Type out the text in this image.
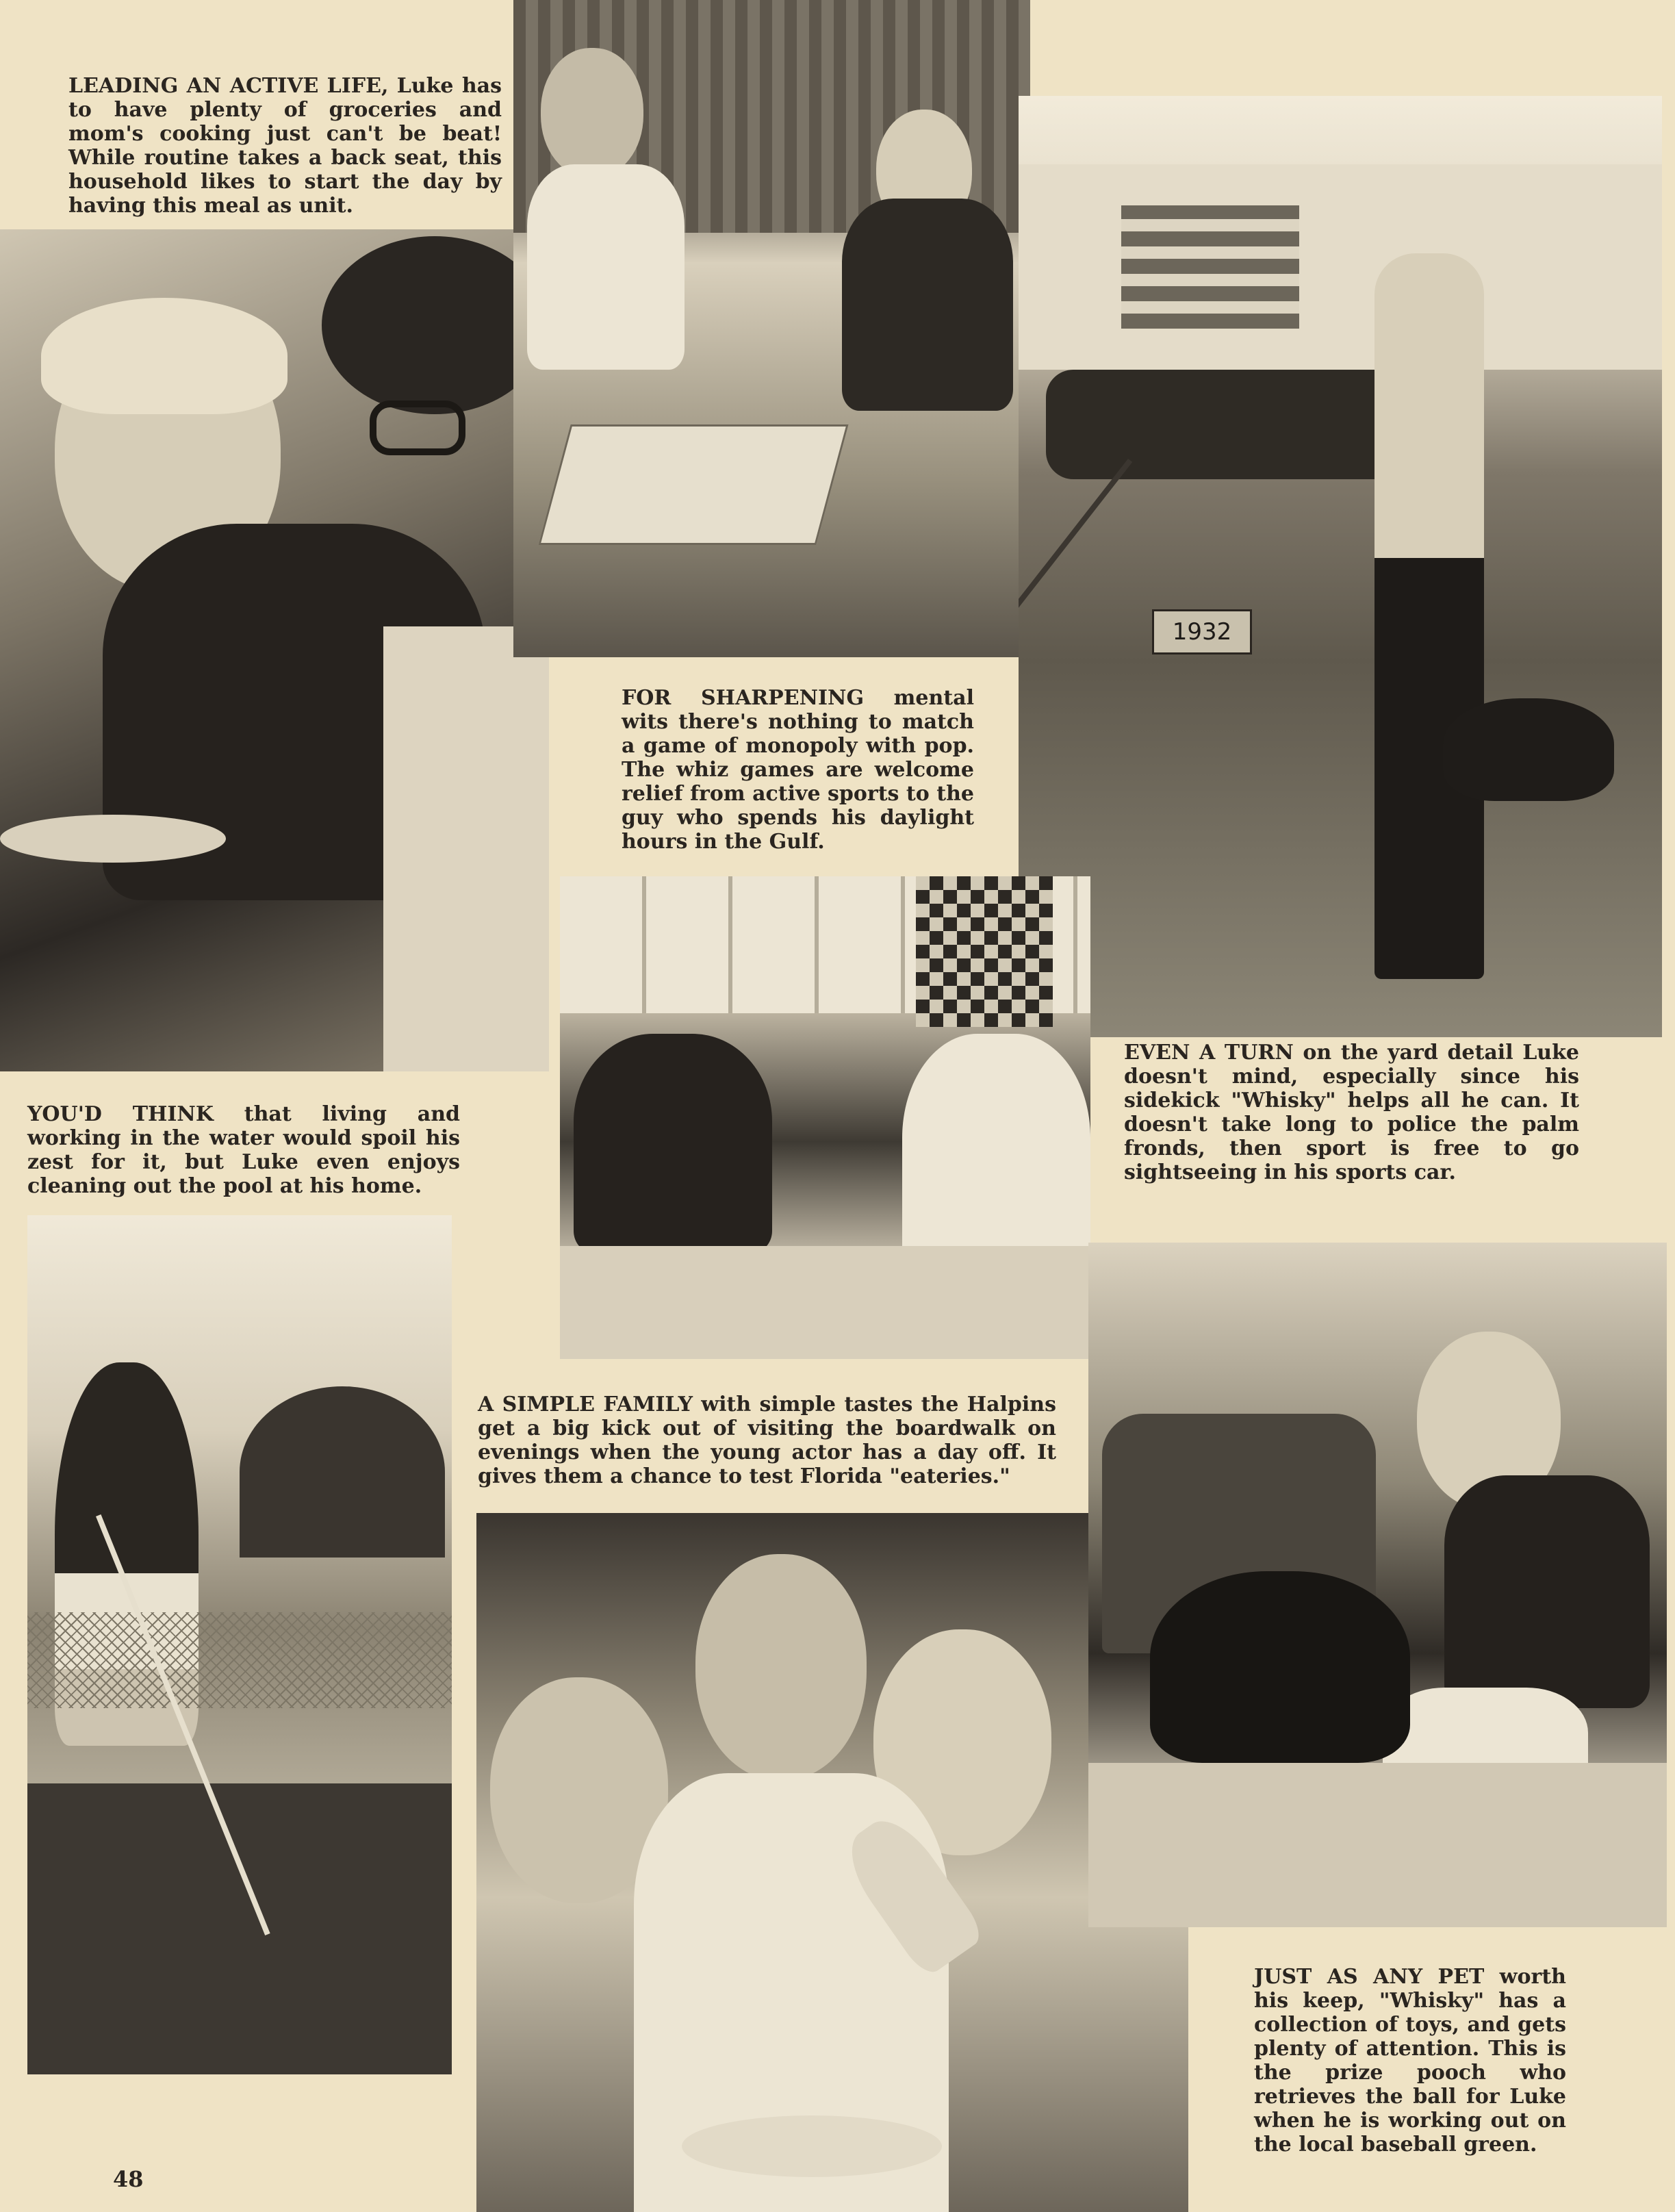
1932

LEADING AN ACTIVE LIFE, Luke has to have plenty of groceries and mom's cooking just can't be beat! While routine takes a back seat, this household likes to start the day by having this meal as unit.

FOR SHARPENING mental wits there's nothing to match a game of monopoly with pop. The whiz games are welcome relief from active sports to the guy who spends his daylight hours in the Gulf.

EVEN A TURN on the yard detail Luke doesn't mind, especially since his sidekick "Whisky" helps all he can. It doesn't take long to police the palm fronds, then sport is free to go sightseeing in his sports car.

YOU'D THINK that living and working in the water would spoil his zest for it, but Luke even enjoys cleaning out the pool at his home.

A SIMPLE FAMILY with simple tastes the Halpins get a big kick out of visiting the boardwalk on evenings when the young actor has a day off. It gives them a chance to test Florida "eateries."

JUST AS ANY PET worth his keep, "Whisky" has a collection of toys, and gets plenty of attention. This is the prize pooch who retrieves the ball for Luke when he is working out on the local baseball green.

48
